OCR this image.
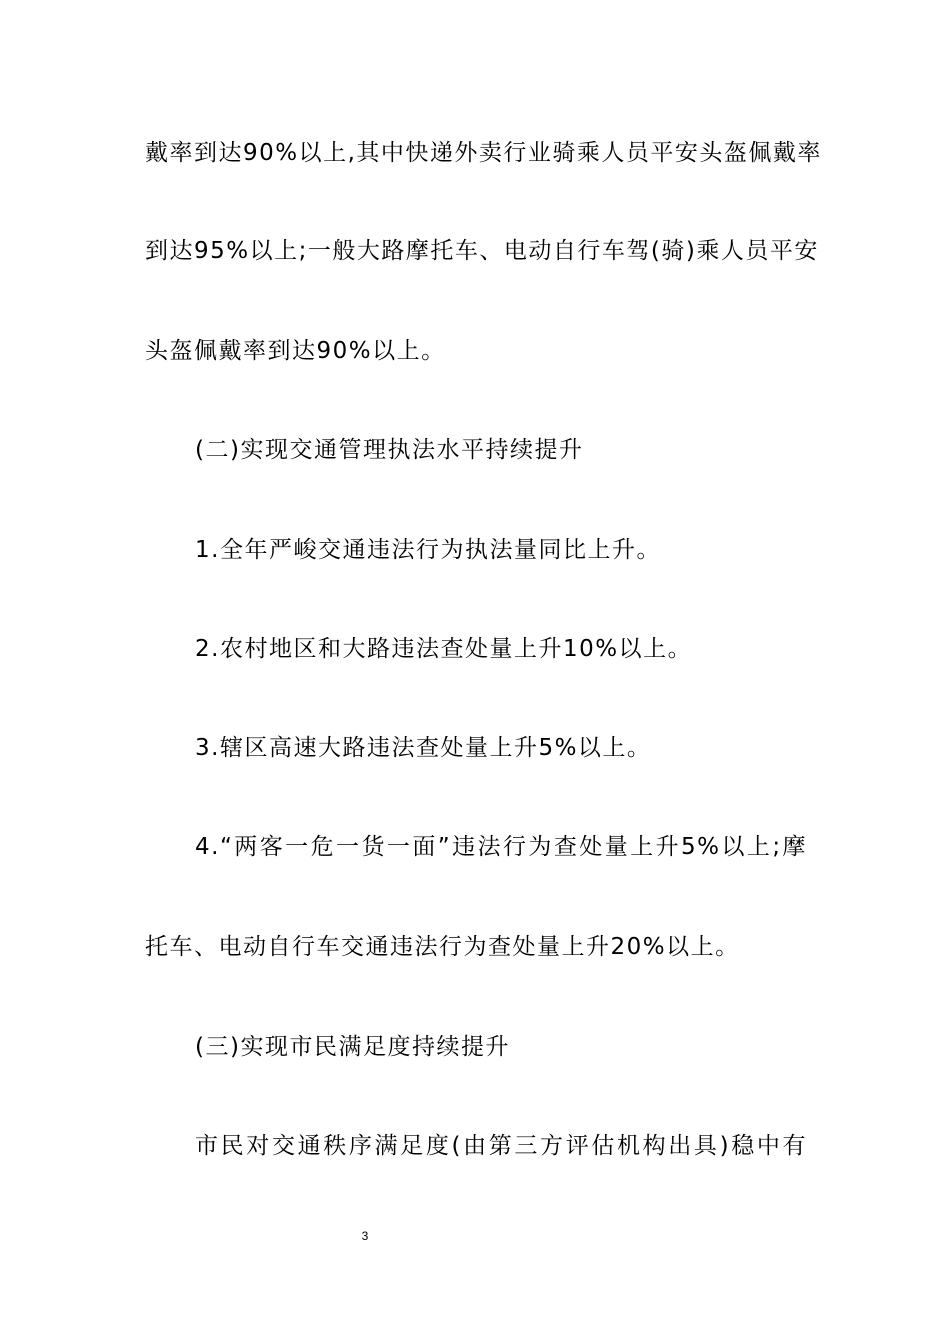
戴率到达90%以上,其中快递外卖行业骑乘人员平安头盔佩戴率
到达95%以上;一般大路摩托车、电动自行车驾(骑)乘人员平安
头盔佩戴率到达90%以上。
(二)实现交通管理执法水平持续提升
1.全年严峻交通违法行为执法量同比上升。
2.农村地区和大路违法查处量上升10%以上。
3.辖区高速大路违法查处量上升5%以上。
4.“两客一危一货一面”违法行为查处量上升5%以上;摩
托车、电动自行车交通违法行为查处量上升20%以上。
(三)实现市民满足度持续提升
市民对交通秩序满足度(由第三方评估机构出具)稳中有
3
